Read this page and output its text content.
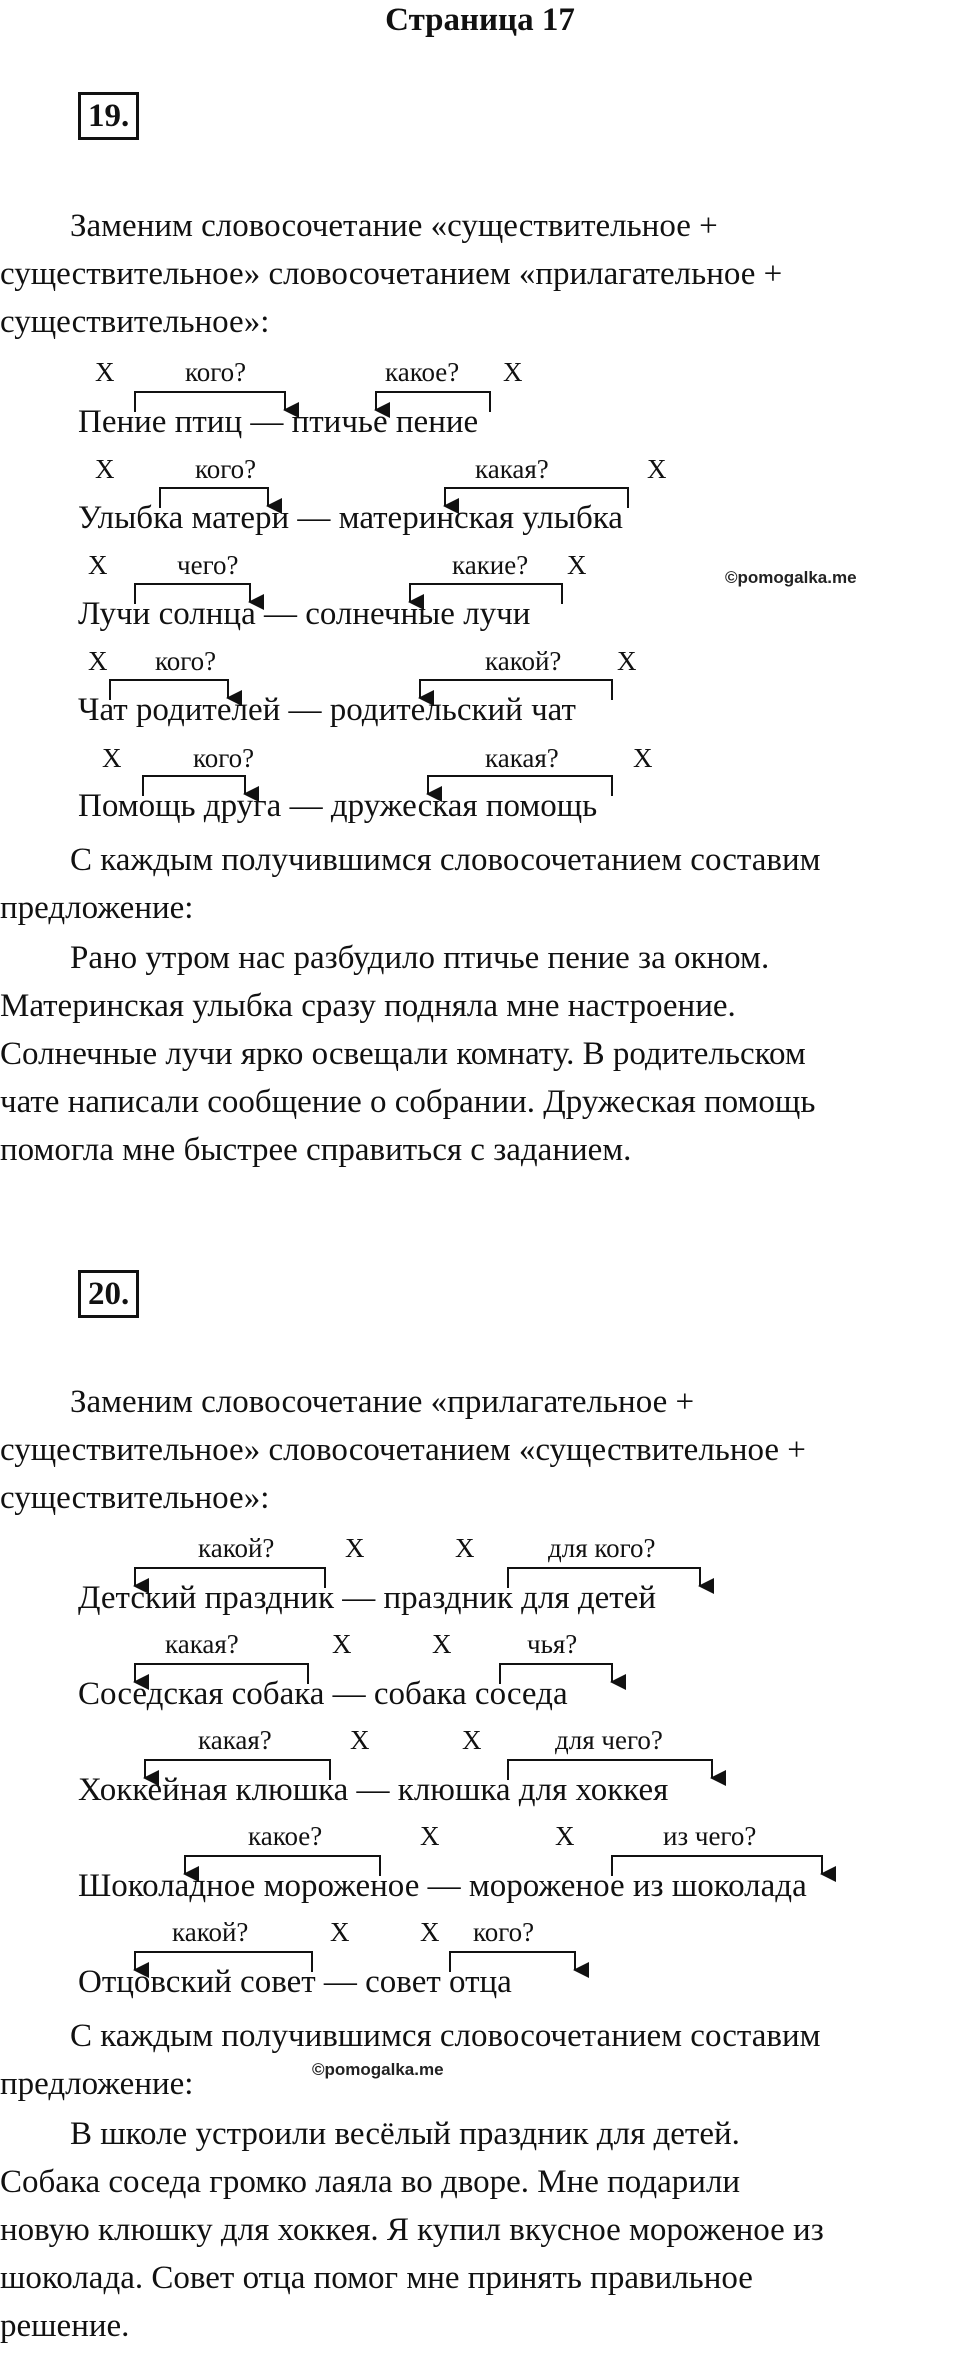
Страница 17
19.
Заменим словосочетание «существительное +
существительное» словосочетанием «прилагательное +
существительное»:
Пение птиц — птичье пение
Улыбка матери — материнская улыбка
Лучи солнца — солнечные лучи
Чат родителей — родительский чат
Помощь друга — дружеская помощь
Х	кого?	какое? Х
Х	кого?	какая?	Х
Х	чего?	какие? Х
Х кого?	какой? Х
Х	кого?	какая?	Х
©pomogalka.me
С каждым получившимся словосочетанием составим
предложение:
Рано утром нас разбудило птичье пение за окном.
Материнская улыбка сразу подняла мне настроение.
Солнечные лучи ярко освещали комнату. В родительском
чате написали сообщение о собрании. Дружеская помощь
помогла мне быстрее справиться с заданием.
20.
Заменим словосочетание «прилагательное +
существительное» словосочетанием «существительное +
существительное»:
Детский праздник — праздник для детей
Соседская собака — собака соседа
Хоккейная клюшка — клюшка для хоккея
Шоколадное мороженое — мороженое из шоколада
Отцовский совет — совет отца
какой?	Х	Х	для кого?
какая?	Х	Х	чья?
какая?	Х	Х	для чего?
какое?	Х	Х	из чего?
какой?	Х	Х кого?
С каждым получившимся словосочетанием составим
предложение:	©pomogalka.me
В школе устроили весёлый праздник для детей.
Собака соседа громко лаяла во дворе. Мне подарили
новую клюшку для хоккея. Я купил вкусное мороженое из
шоколада. Совет отца помог мне принять правильное
решение.
